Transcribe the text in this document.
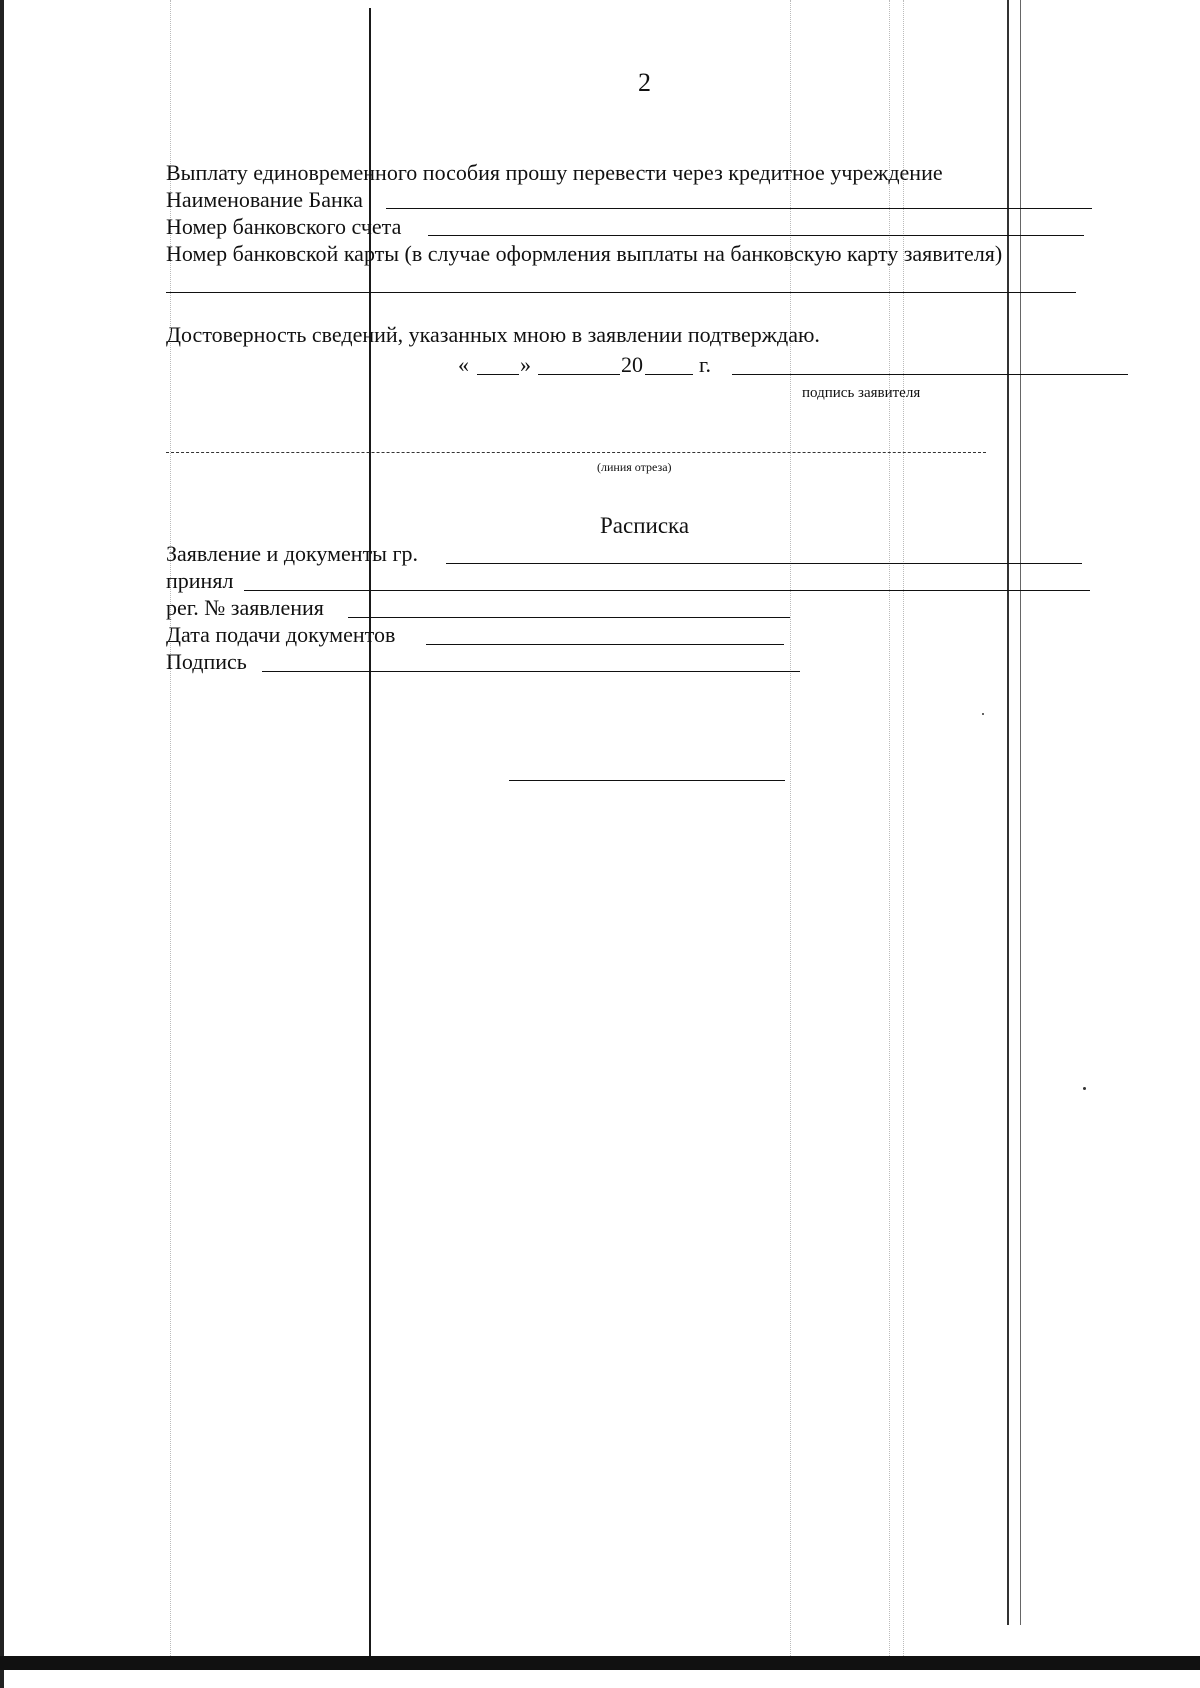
2
Выплату единовременного пособия прошу перевести через кредитное учреждение
Наименование Банка
Номер банковского счета
Номер банковской карты (в случае оформления выплаты на банковскую карту заявителя)
Достоверность сведений, указанных мною в заявлении подтверждаю.
« »	20	г.
подпись заявителя
(линия отреза)
Расписка
Заявление и документы гр.
принял
рег. № заявления
Дата подачи документов
Подпись
